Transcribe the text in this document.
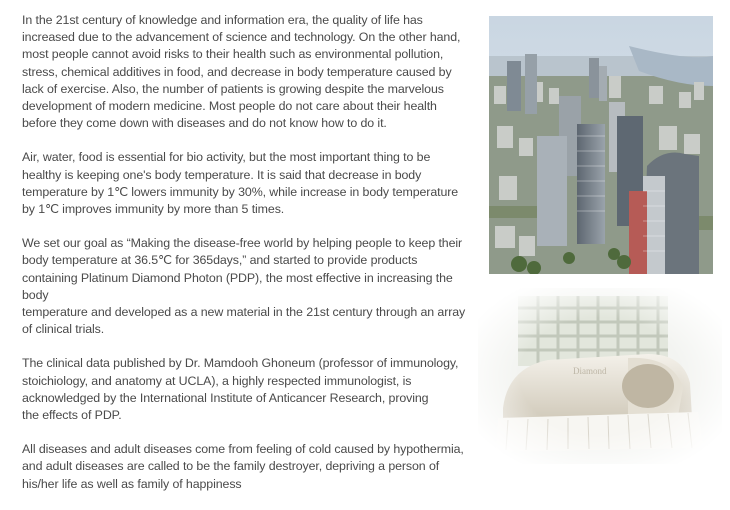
In the 21st century of knowledge and information era, the quality of life has increased due to the advancement of science and technology. On the other hand, most people cannot avoid risks to their health such as environmental pollution, stress, chemical additives in food, and decrease in body temperature caused by lack of exercise. Also, the number of patients is growing despite the marvelous development of modern medicine. Most people do not care about their health before they come down with diseases and do not know how to do it.

Air, water, food is essential for bio activity, but the most important thing to be healthy is keeping one's body temperature. It is said that decrease in body temperature by 1℃ lowers immunity by 30%, while increase in body temperature by 1℃ improves immunity by more than 5 times.

We set our goal as “Making the disease-free world by helping people to keep their body temperature at 36.5℃ for 365days,” and started to provide products containing Platinum Diamond Photon (PDP), the most effective in increasing the body
temperature and developed as a new material in the 21st century through an array of clinical trials.

The clinical data published by Dr. Mamdooh Ghoneum (professor of immunology, stoichiology, and anatomy at UCLA), a highly respected immunologist, is acknowledged by the International Institute of Anticancer Research, proving
the effects of PDP.

All diseases and adult diseases come from feeling of cold caused by hypothermia, and adult diseases are called to be the family destroyer, depriving a person of his/her life as well as family of happiness
